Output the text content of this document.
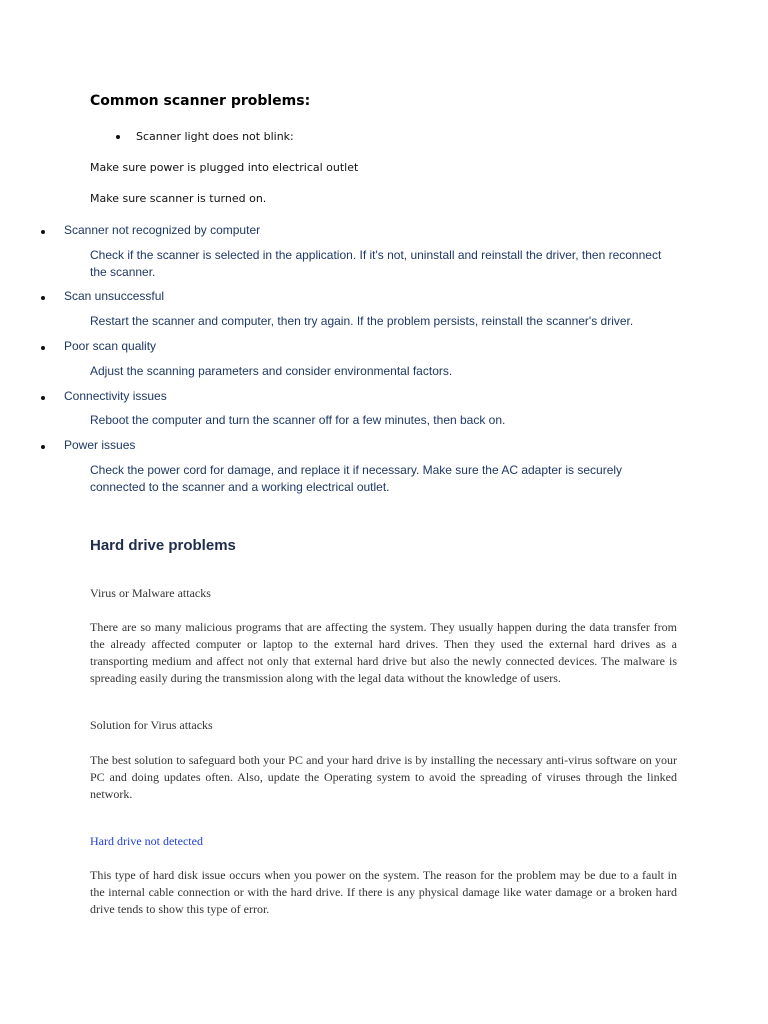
Common scanner problems:

Scanner light does not blink:

Make sure power is plugged into electrical outlet

Make sure scanner is turned on.

Scanner not recognized by computer

Check if the scanner is selected in the application. If it's not, uninstall and reinstall the driver, then reconnect the scanner.

Scan unsuccessful

Restart the scanner and computer, then try again. If the problem persists, reinstall the scanner's driver.

Poor scan quality

Adjust the scanning parameters and consider environmental factors.

Connectivity issues

Reboot the computer and turn the scanner off for a few minutes, then back on.

Power issues

Check the power cord for damage, and replace it if necessary. Make sure the AC adapter is securely connected to the scanner and a working electrical outlet.

Hard drive problems

Virus or Malware attacks

There are so many malicious programs that are affecting the system. They usually happen during the data transfer from the already affected computer or laptop to the external hard drives. Then they used the external hard drives as a transporting medium and affect not only that external hard drive but also the newly connected devices. The malware is spreading easily during the transmission along with the legal data without the knowledge of users.

Solution for Virus attacks

The best solution to safeguard both your PC and your hard drive is by installing the necessary anti-virus software on your PC and doing updates often. Also, update the Operating system to avoid the spreading of viruses through the linked network.

Hard drive not detected

This type of hard disk issue occurs when you power on the system. The reason for the problem may be due to a fault in the internal cable connection or with the hard drive. If there is any physical damage like water damage or a broken hard drive tends to show this type of error.
